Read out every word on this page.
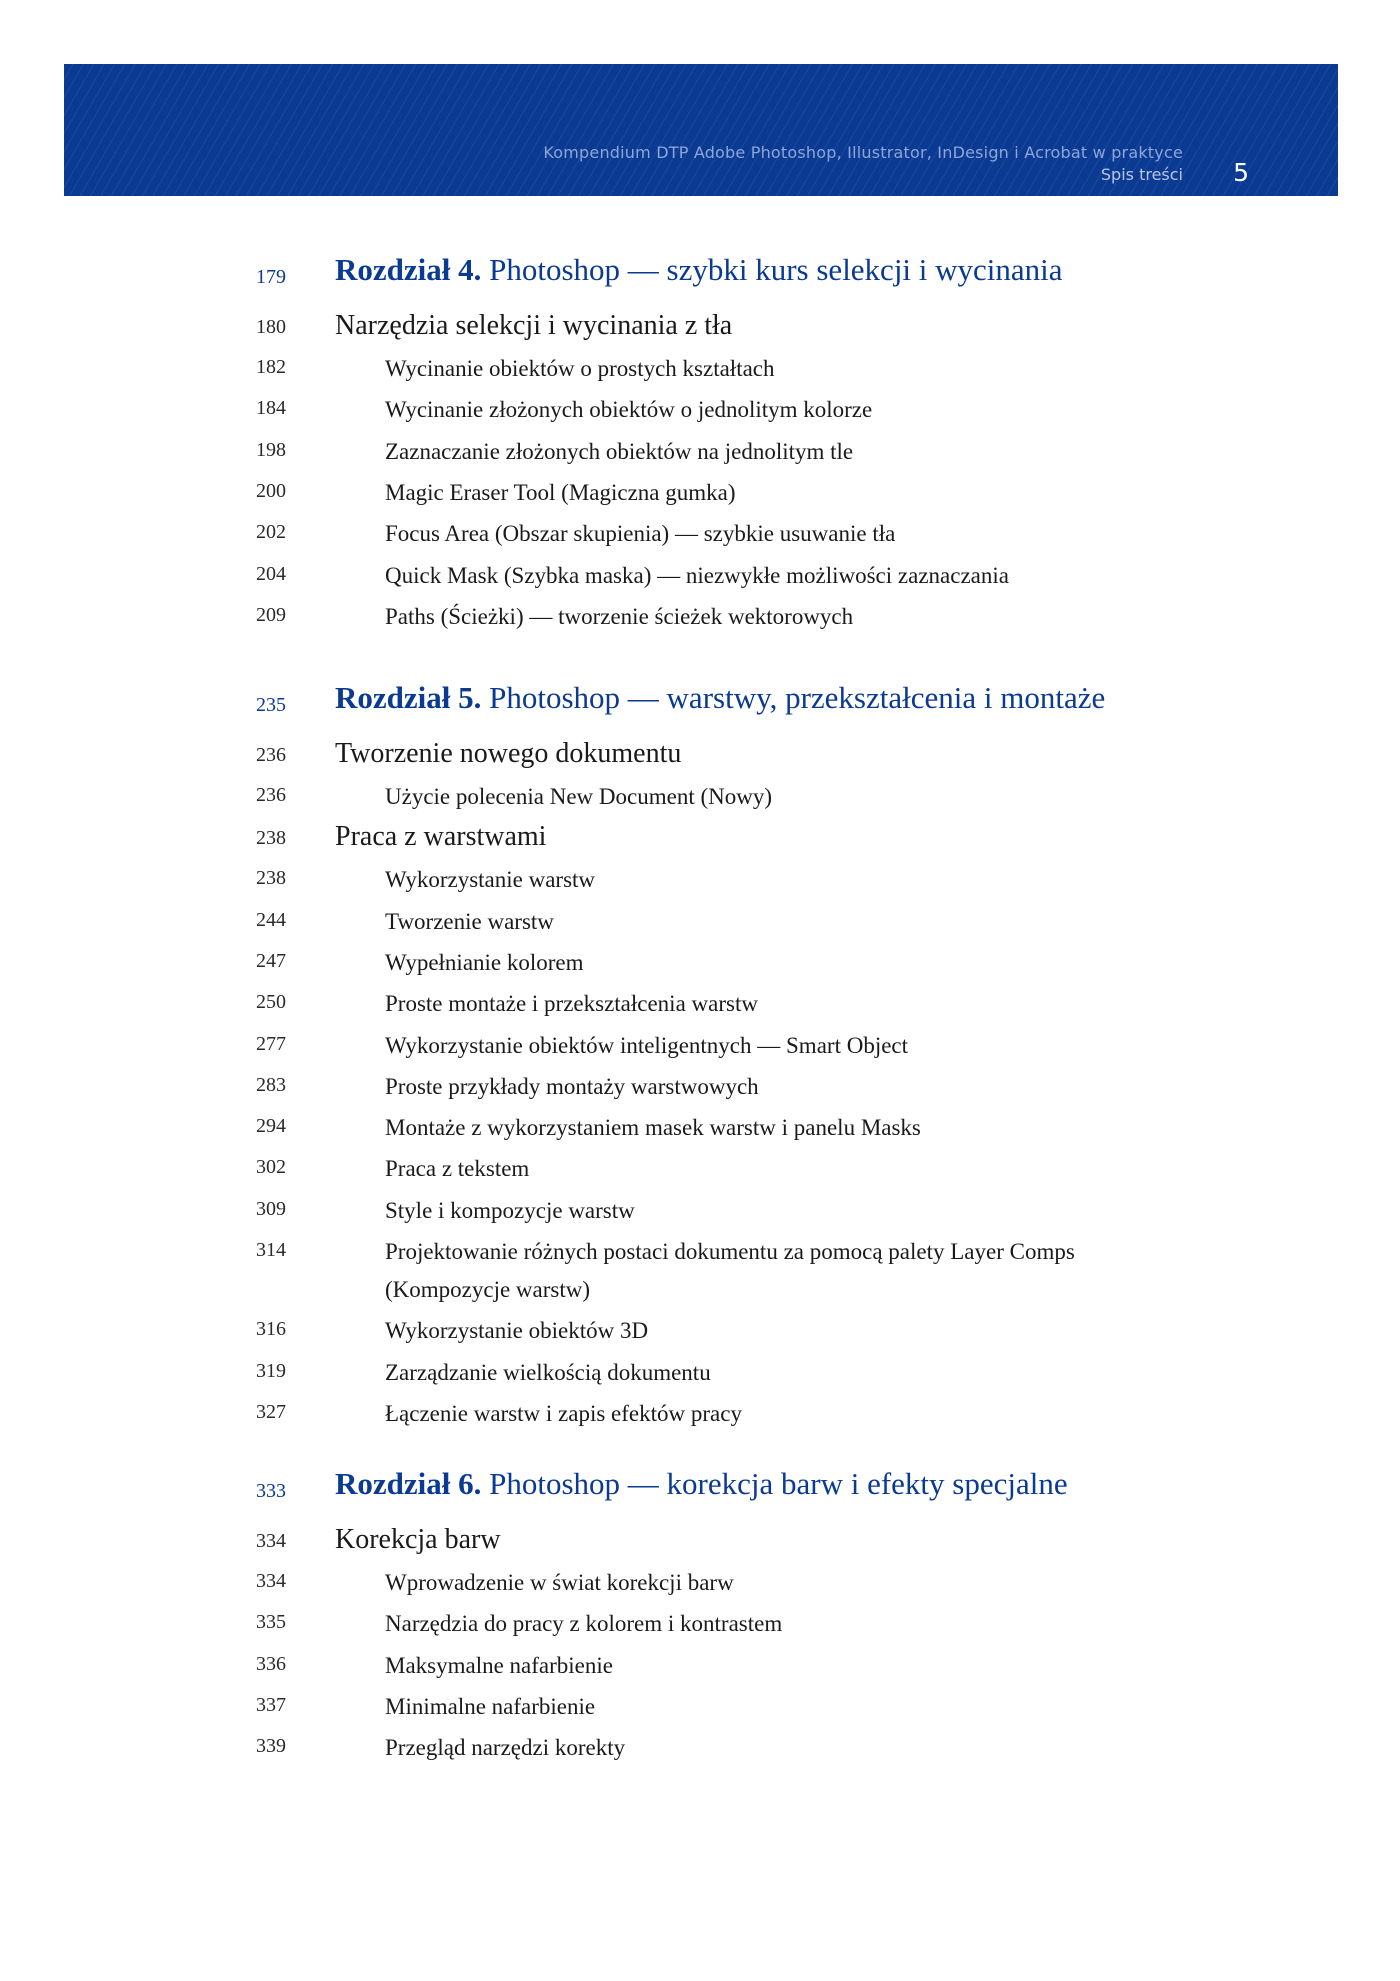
Kompendium DTP Adobe Photoshop, Illustrator, InDesign i Acrobat w praktyce
Spis treści 5
179 Rozdział 4. Photoshop — szybki kurs selekcji i wycinania
180 Narzędzia selekcji i wycinania z tła
182	Wycinanie obiektów o prostych kształtach
184	Wycinanie złożonych obiektów o jednolitym kolorze
198	Zaznaczanie złożonych obiektów na jednolitym tle
200	Magic Eraser Tool (Magiczna gumka)
202	Focus Area (Obszar skupienia) — szybkie usuwanie tła
204	Quick Mask (Szybka maska) — niezwykłe możliwości zaznaczania
209	Paths (Ścieżki) — tworzenie ścieżek wektorowych
235 Rozdział 5. Photoshop — warstwy, przekształcenia i montaże
236 Tworzenie nowego dokumentu
236	Użycie polecenia New Document (Nowy)
238 Praca z warstwami
238	Wykorzystanie warstw
244	Tworzenie warstw
247	Wypełnianie kolorem
250	Proste montaże i przekształcenia warstw
277	Wykorzystanie obiektów inteligentnych — Smart Object
283	Proste przykłady montaży warstwowych
294	Montaże z wykorzystaniem masek warstw i panelu Masks
302	Praca z tekstem
309	Style i kompozycje warstw
314	Projektowanie różnych postaci dokumentu za pomocą palety Layer Comps (Kompozycje warstw)
316	Wykorzystanie obiektów 3D
319	Zarządzanie wielkością dokumentu
327	Łączenie warstw i zapis efektów pracy
333 Rozdział 6. Photoshop — korekcja barw i efekty specjalne
334 Korekcja barw
334	Wprowadzenie w świat korekcji barw
335	Narzędzia do pracy z kolorem i kontrastem
336	Maksymalne nafarbienie
337	Minimalne nafarbienie
339	Przegląd narzędzi korekty
